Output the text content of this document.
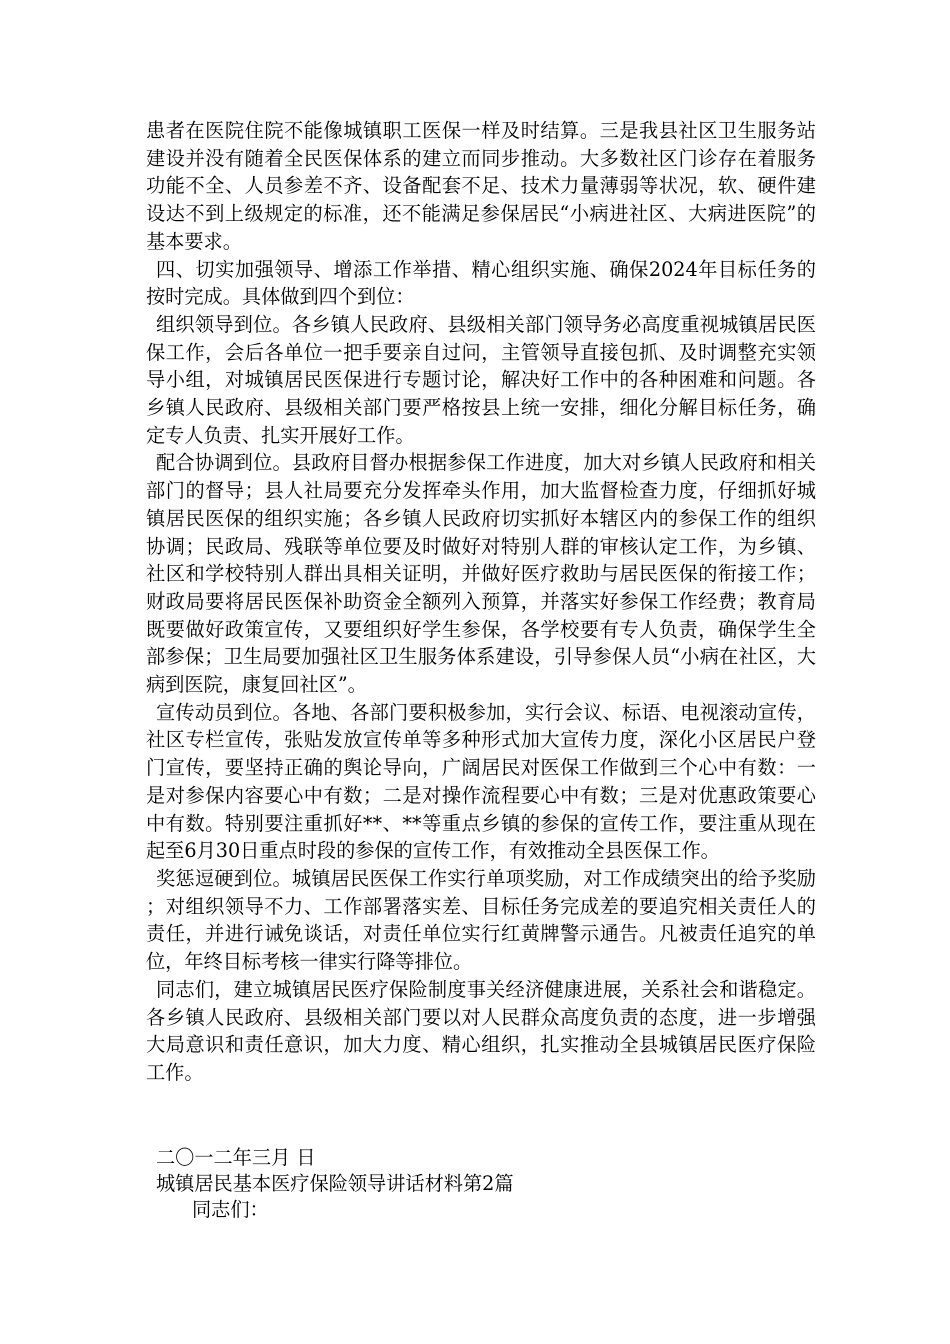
患者在医院住院不能像城镇职工医保一样及时结算。三是我县社区卫生服务站建设并没有随着全民医保体系的建立而同步推动。大多数社区门诊存在着服务功能不全、人员参差不齐、设备配套不足、技术力量薄弱等状况，软、硬件建设达不到上级规定的标准，还不能满足参保居民“小病进社区、大病进医院”的基本要求。

四、切实加强领导、增添工作举措、精心组织实施、确保2024年目标任务的按时完成。具体做到四个到位：

组织领导到位。各乡镇人民政府、县级相关部门领导务必高度重视城镇居民医保工作，会后各单位一把手要亲自过问，主管领导直接包抓、及时调整充实领导小组，对城镇居民医保进行专题讨论，解决好工作中的各种困难和问题。各乡镇人民政府、县级相关部门要严格按县上统一安排，细化分解目标任务，确定专人负责、扎实开展好工作。

配合协调到位。县政府目督办根据参保工作进度，加大对乡镇人民政府和相关部门的督导；县人社局要充分发挥牵头作用，加大监督检查力度，仔细抓好城镇居民医保的组织实施；各乡镇人民政府切实抓好本辖区内的参保工作的组织协调；民政局、残联等单位要及时做好对特别人群的审核认定工作，为乡镇、社区和学校特别人群出具相关证明，并做好医疗救助与居民医保的衔接工作；财政局要将居民医保补助资金全额列入预算，并落实好参保工作经费；教育局既要做好政策宣传，又要组织好学生参保，各学校要有专人负责，确保学生全部参保；卫生局要加强社区卫生服务体系建设，引导参保人员“小病在社区，大病到医院，康复回社区”。

宣传动员到位。各地、各部门要积极参加，实行会议、标语、电视滚动宣传，社区专栏宣传，张贴发放宣传单等多种形式加大宣传力度，深化小区居民户登门宣传，要坚持正确的舆论导向，广阔居民对医保工作做到三个心中有数：一是对参保内容要心中有数；二是对操作流程要心中有数；三是对优惠政策要心中有数。特别要注重抓好**、**等重点乡镇的参保的宣传工作，要注重从现在起至6月30日重点时段的参保的宣传工作，有效推动全县医保工作。

奖惩逗硬到位。城镇居民医保工作实行单项奖励，对工作成绩突出的给予奖励；对组织领导不力、工作部署落实差、目标任务完成差的要追究相关责任人的责任，并进行诫免谈话，对责任单位实行红黄牌警示通告。凡被责任追究的单位，年终目标考核一律实行降等排位。

同志们，建立城镇居民医疗保险制度事关经济健康进展，关系社会和谐稳定。各乡镇人民政府、县级相关部门要以对人民群众高度负责的态度，进一步增强大局意识和责任意识，加大力度、精心组织，扎实推动全县城镇居民医疗保险工作。

二〇一二年三月 日

城镇居民基本医疗保险领导讲话材料第2篇

同志们：
